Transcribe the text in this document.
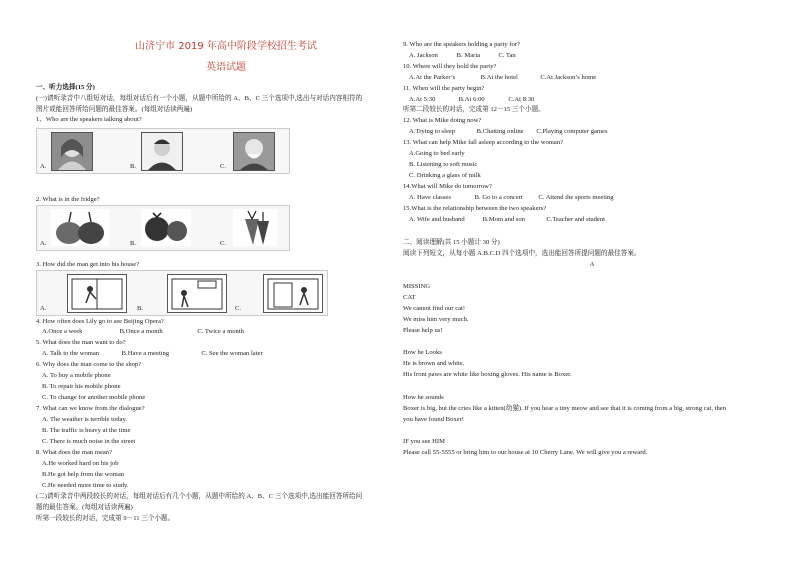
山济宁市 2019 年高中阶段学校招生考试
英语试题
一、听力选择(15 分)
(一)请听录音中八组短对话，每组对话后有一个小题，从题中所给的 A、B、C 三个选项中,选出与对话内容相符的
图片或能回答所给问题的最佳答案。(每组对话读两遍)
1、Who are the speakers talking about?
A.	B.	C.
2. What is in the fridge?
A.	B.	C.
3. How did the man get into his house?
A.	B.	C.
4. How often does Lily go to see Beijing Opera?
A.Once a week	B.Once a month	C. Twice a month
5. What does the man want to do?
A. Talk to the woman	B.Have a meeting	C. See the woman later
6. Why does the man come to the shop?
A. To buy a mobile phone
B. To repair his mobile phone
C. To change for another mobile phone
7. What can we know from the dialogue?
A. The weather is terrible today.
B. The traffic is heavy at the time
C. There is much noise in the street
8. What does the man mean?
A.He worked hard on his job
B.He got help from the woman
C.He needed more time to study.
(二)请听录音中两段较长的对话，每组对话后有几个小题，从题中所给的 A、B、C 三个选项中,选出能回答所给问
题的最佳答案。(每组对话读两遍)
听第一段较长的对话，完成第 9－11 三个小题。
9. Who are the speakers holding a party for?
A. Jackson	B. Maria	C. Tan
10. Where will they hold the party?
A.At the Parker’s	B.At the hotel	C.At Jackson’s home
11. When will the party begin?
A.At 5:30	B.At 6:00	C.At 8:30
听第二段较长的对话，完成第 12－15 三个小题。
12. What is Mike doing now?
A.Trying to sleep	B.Chatting online C.Playing computer games
13. What can help Mike fall asleep according to the woman?
A.Going to bed early
B. Listening to soft music
C. Drinking a glass of milk
14.What will Mike do tomorrow?
A. Have classes	B. Go to a concert C. Attend the sports meeting
15.What is the relationship between the two speakers?
A. Wife and husband	B.Mom and son	C.Teacher and student
二、阅读理解(共 15 小题计 30 分)
阅读下列短文，从每小题 A.B.C.D 四个选项中，选出能回答所提问题的最佳答案。
A
MISSING
CAT
We cannot find our cat!
We miss him very much.
Please help us!
How he Looks
He is brown and white.
His front paws are white like boxing gloves. His name is Boxer.
How he sounds
Boxer is big, but the cries like a kitten(幼猫). If you hear a tiny meow and see that it is coming from a big, strong cat, then
you have found Boxer!
IF you see HIM
Please call 55-5555 or bring him to our house at 10 Cherry Lane. We will give you a reward.
